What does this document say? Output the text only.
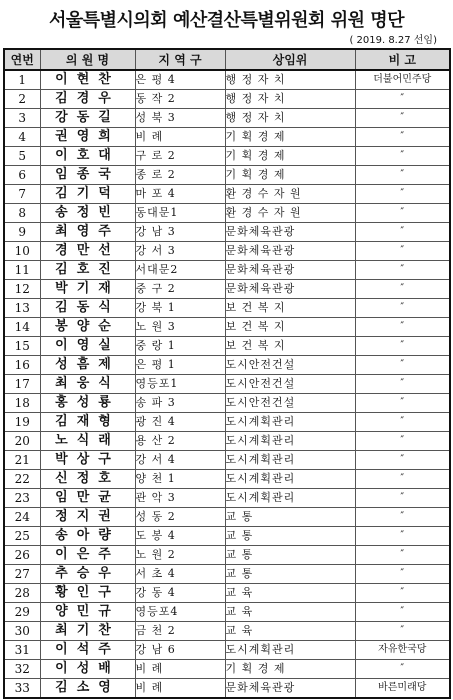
서울특별시의회 예산결산특별위원회 위원 명단
( 2019. 8.27 선임)
연번	의 원 명	지 역 구	상임위	비 고
1	이현찬	은 평 4	행 정 자 치	더불어민주당
2	김경우	동 작 2	행 정 자 치	″
3	강동길	성 북 3	행 정 자 치	″
4	권영희	비 례	기 획 경 제	″
5	이호대	구 로 2	기 획 경 제	″
6	임종국	종 로 2	기 획 경 제	″
7	김기덕	마 포 4	환 경 수 자 원	″
8	송정빈	동대문1	환 경 수 자 원	″
9	최영주	강 남 3	문화체육관광	″
10	경만선	강 서 3	문화체육관광	″
11	김호진	서대문2	문화체육관광	″
12	박기재	중 구 2	문화체육관광	″
13	김동식	강 북 1	보 건 복 지	″
14	봉양순	노 원 3	보 건 복 지	″
15	이영실	중 랑 1	보 건 복 지	″
16	성흠제	은 평 1	도시안전건설	″
17	최웅식	영등포1	도시안전건설	″
18	홍성룡	송 파 3	도시안전건설	″
19	김재형	광 진 4	도시계획관리	″
20	노식래	용 산 2	도시계획관리	″
21	박상구	강 서 4	도시계획관리	″
22	신정호	양 천 1	도시계획관리	″
23	임만균	관 악 3	도시계획관리	″
24	정지권	성 동 2	교 통	″
25	송아량	도 봉 4	교 통	″
26	이은주	노 원 2	교 통	″
27	추승우	서 초 4	교 통	″
28	황인구	강 동 4	교 육	″
29	양민규	영등포4	교 육	″
30	최기찬	금 천 2	교 육	″
31	이석주	강 남 6	도시계획관리	자유한국당
32	이성배	비 례	기 획 경 제	″
33	김소영	비 례	문화체육관광	바른미래당
